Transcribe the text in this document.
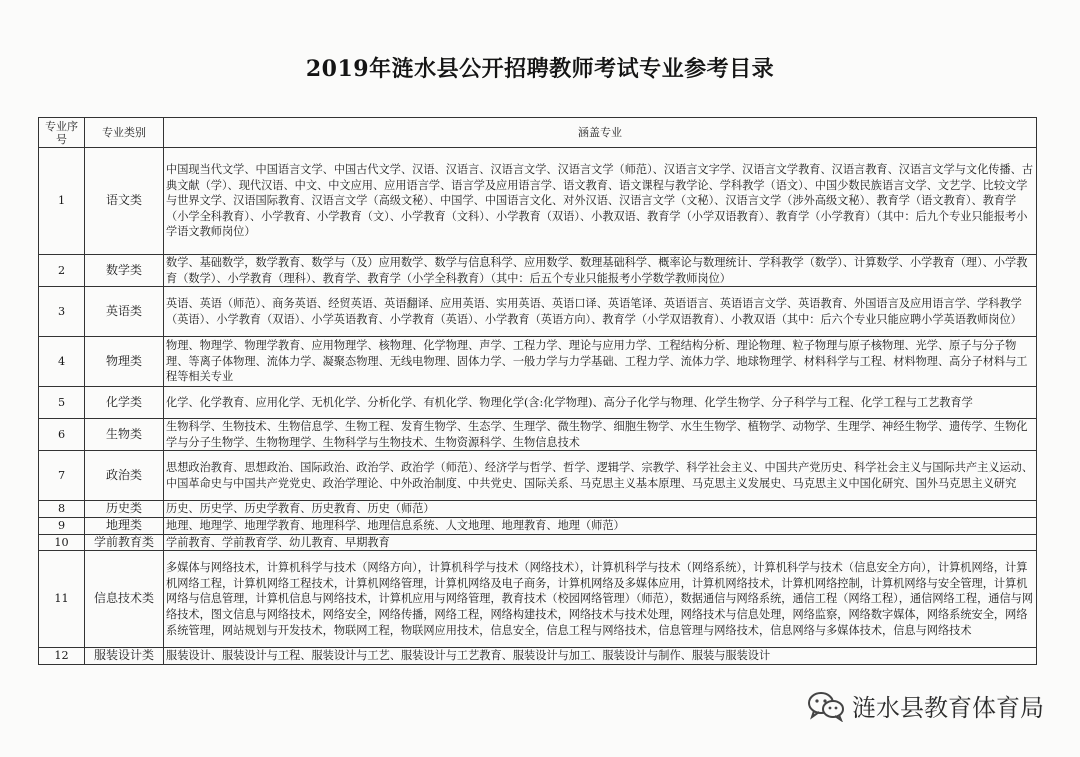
2019年涟水县公开招聘教师考试专业参考目录
专业序号	专业类别	涵盖专业
1	语文类	中国现当代文学、中国语言文学、中国古代文学、汉语、汉语言、汉语言文学、汉语言文学（师范）、汉语言文字学、汉语言文学教育、汉语言教育、汉语言文学与文化传播、古典文献（学）、现代汉语、中文、中文应用、应用语言学、语言学及应用语言学、语文教育、语文课程与教学论、学科教学（语文）、中国少数民族语言文学、文艺学、比较文学与世界文学、汉语国际教育、汉语言文学（高级文秘）、中国学、中国语言文化、对外汉语、汉语言文学（文秘）、汉语言文学（涉外高级文秘）、教育学（语文教育）、教育学（小学全科教育）、小学教育、小学教育（文）、小学教育（文科）、小学教育（双语）、小教双语、教育学（小学双语教育）、教育学（小学教育）（其中：后九个专业只能报考小学语文教师岗位）
2	数学类	数学、基础数学，数学教育、数学与（及）应用数学、数学与信息科学、应用数学、数理基础科学、概率论与数理统计、学科教学（数学）、计算数学、小学教育（理）、小学教育（数学）、小学教育（理科）、教育学、教育学（小学全科教育）（其中：后五个专业只能报考小学数学教师岗位）
3	英语类	英语、英语（师范）、商务英语、经贸英语、英语翻译、应用英语、实用英语、英语口译、英语笔译、英语语言、英语语言文学、英语教育、外国语言及应用语言学、学科教学（英语）、小学教育（双语）、小学英语教育、小学教育（英语）、小学教育（英语方向）、教育学（小学双语教育）、小教双语（其中：后六个专业只能应聘小学英语教师岗位）
4	物理类	物理、物理学、物理学教育、应用物理学、核物理、化学物理、声学、工程力学、理论与应用力学、工程结构分析、理论物理、粒子物理与原子核物理、光学、原子与分子物理、等离子体物理、流体力学、凝聚态物理、无线电物理、固体力学、一般力学与力学基础、工程力学、流体力学、地球物理学、材料科学与工程、材料物理、高分子材料与工程等相关专业
5	化学类	化学、化学教育、应用化学、无机化学、分析化学、有机化学、物理化学(含:化学物理)、高分子化学与物理、化学生物学、分子科学与工程、化学工程与工艺教育学
6	生物类	生物科学、生物技术、生物信息学、生物工程、发育生物学、生态学、生理学、微生物学、细胞生物学、水生生物学、植物学、动物学、生理学、神经生物学、遗传学、生物化学与分子生物学、生物物理学、生物科学与生物技术、生物资源科学、生物信息技术
7	政治类	思想政治教育、思想政治、国际政治、政治学、政治学（师范）、经济学与哲学、哲学、逻辑学、宗教学、科学社会主义、中国共产党历史、科学社会主义与国际共产主义运动、中国革命史与中国共产党党史、政治学理论、中外政治制度、中共党史、国际关系、马克思主义基本原理、马克思主义发展史、马克思主义中国化研究、国外马克思主义研究
8	历史类	历史、历史学、历史学教育、历史教育、历史（师范）
9	地理类	地理、地理学、地理学教育、地理科学、地理信息系统、人文地理、地理教育、地理（师范）
10	学前教育类	学前教育、学前教育学、幼儿教育、早期教育
11	信息技术类	多媒体与网络技术，计算机科学与技术（网络方向），计算机科学与技术（网络技术），计算机科学与技术（网络系统），计算机科学与技术（信息安全方向），计算机网络，计算机网络工程，计算机网络工程技术，计算机网络管理，计算机网络及电子商务，计算机网络及多媒体应用，计算机网络技术，计算机网络控制，计算机网络与安全管理，计算机网络与信息管理，计算机信息与网络技术，计算机应用与网络管理，教育技术（校园网络管理）（师范），数据通信与网络系统，通信工程（网络工程），通信网络工程，通信与网络技术，图文信息与网络技术，网络安全，网络传播，网络工程，网络构建技术，网络技术与技术处理，网络技术与信息处理，网络监察，网络数字媒体，网络系统安全，网络系统管理，网站规划与开发技术，物联网工程，物联网应用技术，信息安全，信息工程与网络技术，信息管理与网络技术，信息网络与多媒体技术，信息与网络技术
12	服装设计类	服装设计、服装设计与工程、服装设计与工艺、服装设计与工艺教育、服装设计与加工、服装设计与制作、服装与服装设计
涟水县教育体育局
